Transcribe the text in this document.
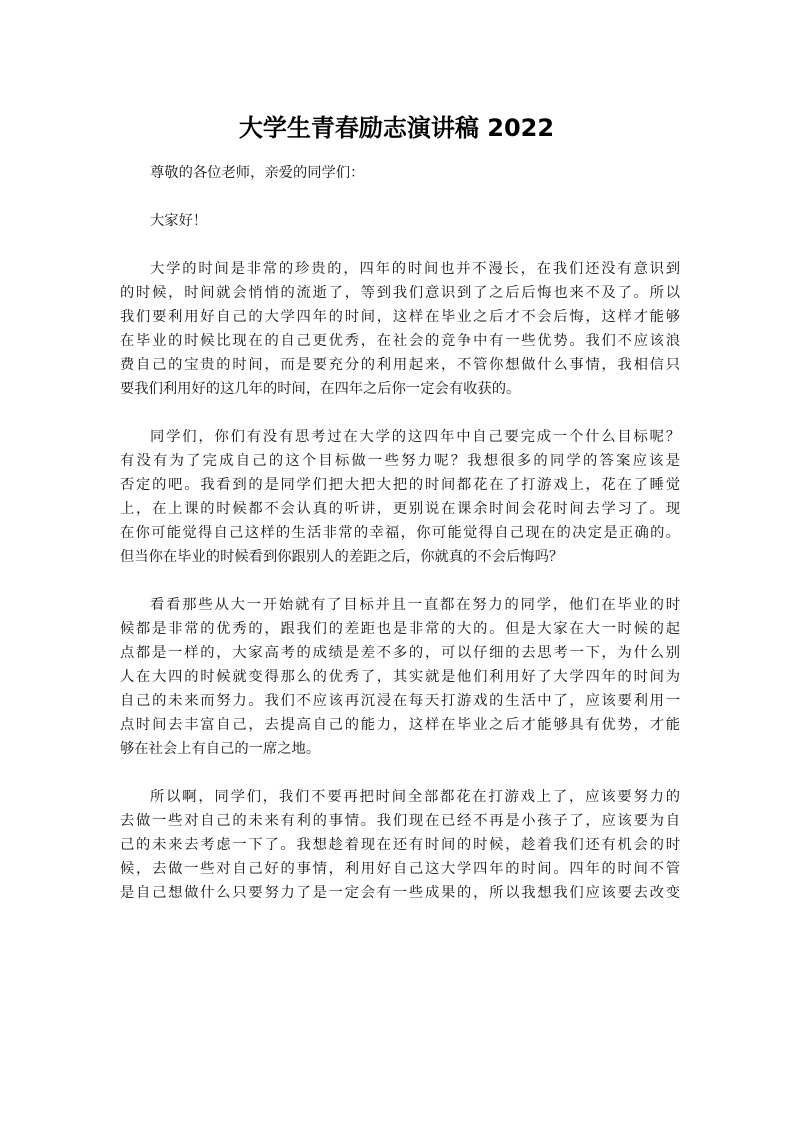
大学生青春励志演讲稿 2022
尊敬的各位老师，亲爱的同学们：
大家好！
大学的时间是非常的珍贵的，四年的时间也并不漫长，在我们还没有意识到
的时候，时间就会悄悄的流逝了，等到我们意识到了之后后悔也来不及了。所以
我们要利用好自己的大学四年的时间，这样在毕业之后才不会后悔，这样才能够
在毕业的时候比现在的自己更优秀，在社会的竞争中有一些优势。我们不应该浪
费自己的宝贵的时间，而是要充分的利用起来，不管你想做什么事情，我相信只
要我们利用好的这几年的时间，在四年之后你一定会有收获的。
同学们，你们有没有思考过在大学的这四年中自己要完成一个什么目标呢？
有没有为了完成自己的这个目标做一些努力呢？我想很多的同学的答案应该是
否定的吧。我看到的是同学们把大把大把的时间都花在了打游戏上，花在了睡觉
上，在上课的时候都不会认真的听讲，更别说在课余时间会花时间去学习了。现
在你可能觉得自己这样的生活非常的幸福，你可能觉得自己现在的决定是正确的。
但当你在毕业的时候看到你跟别人的差距之后，你就真的不会后悔吗？
看看那些从大一开始就有了目标并且一直都在努力的同学，他们在毕业的时
候都是非常的优秀的，跟我们的差距也是非常的大的。但是大家在大一时候的起
点都是一样的，大家高考的成绩是差不多的，可以仔细的去思考一下，为什么别
人在大四的时候就变得那么的优秀了，其实就是他们利用好了大学四年的时间为
自己的未来而努力。我们不应该再沉浸在每天打游戏的生活中了，应该要利用一
点时间去丰富自己，去提高自己的能力，这样在毕业之后才能够具有优势，才能
够在社会上有自己的一席之地。
所以啊，同学们，我们不要再把时间全部都花在打游戏上了，应该要努力的
去做一些对自己的未来有利的事情。我们现在已经不再是小孩子了，应该要为自
己的未来去考虑一下了。我想趁着现在还有时间的时候，趁着我们还有机会的时
候，去做一些对自己好的事情，利用好自己这大学四年的时间。四年的时间不管
是自己想做什么只要努力了是一定会有一些成果的，所以我想我们应该要去改变
